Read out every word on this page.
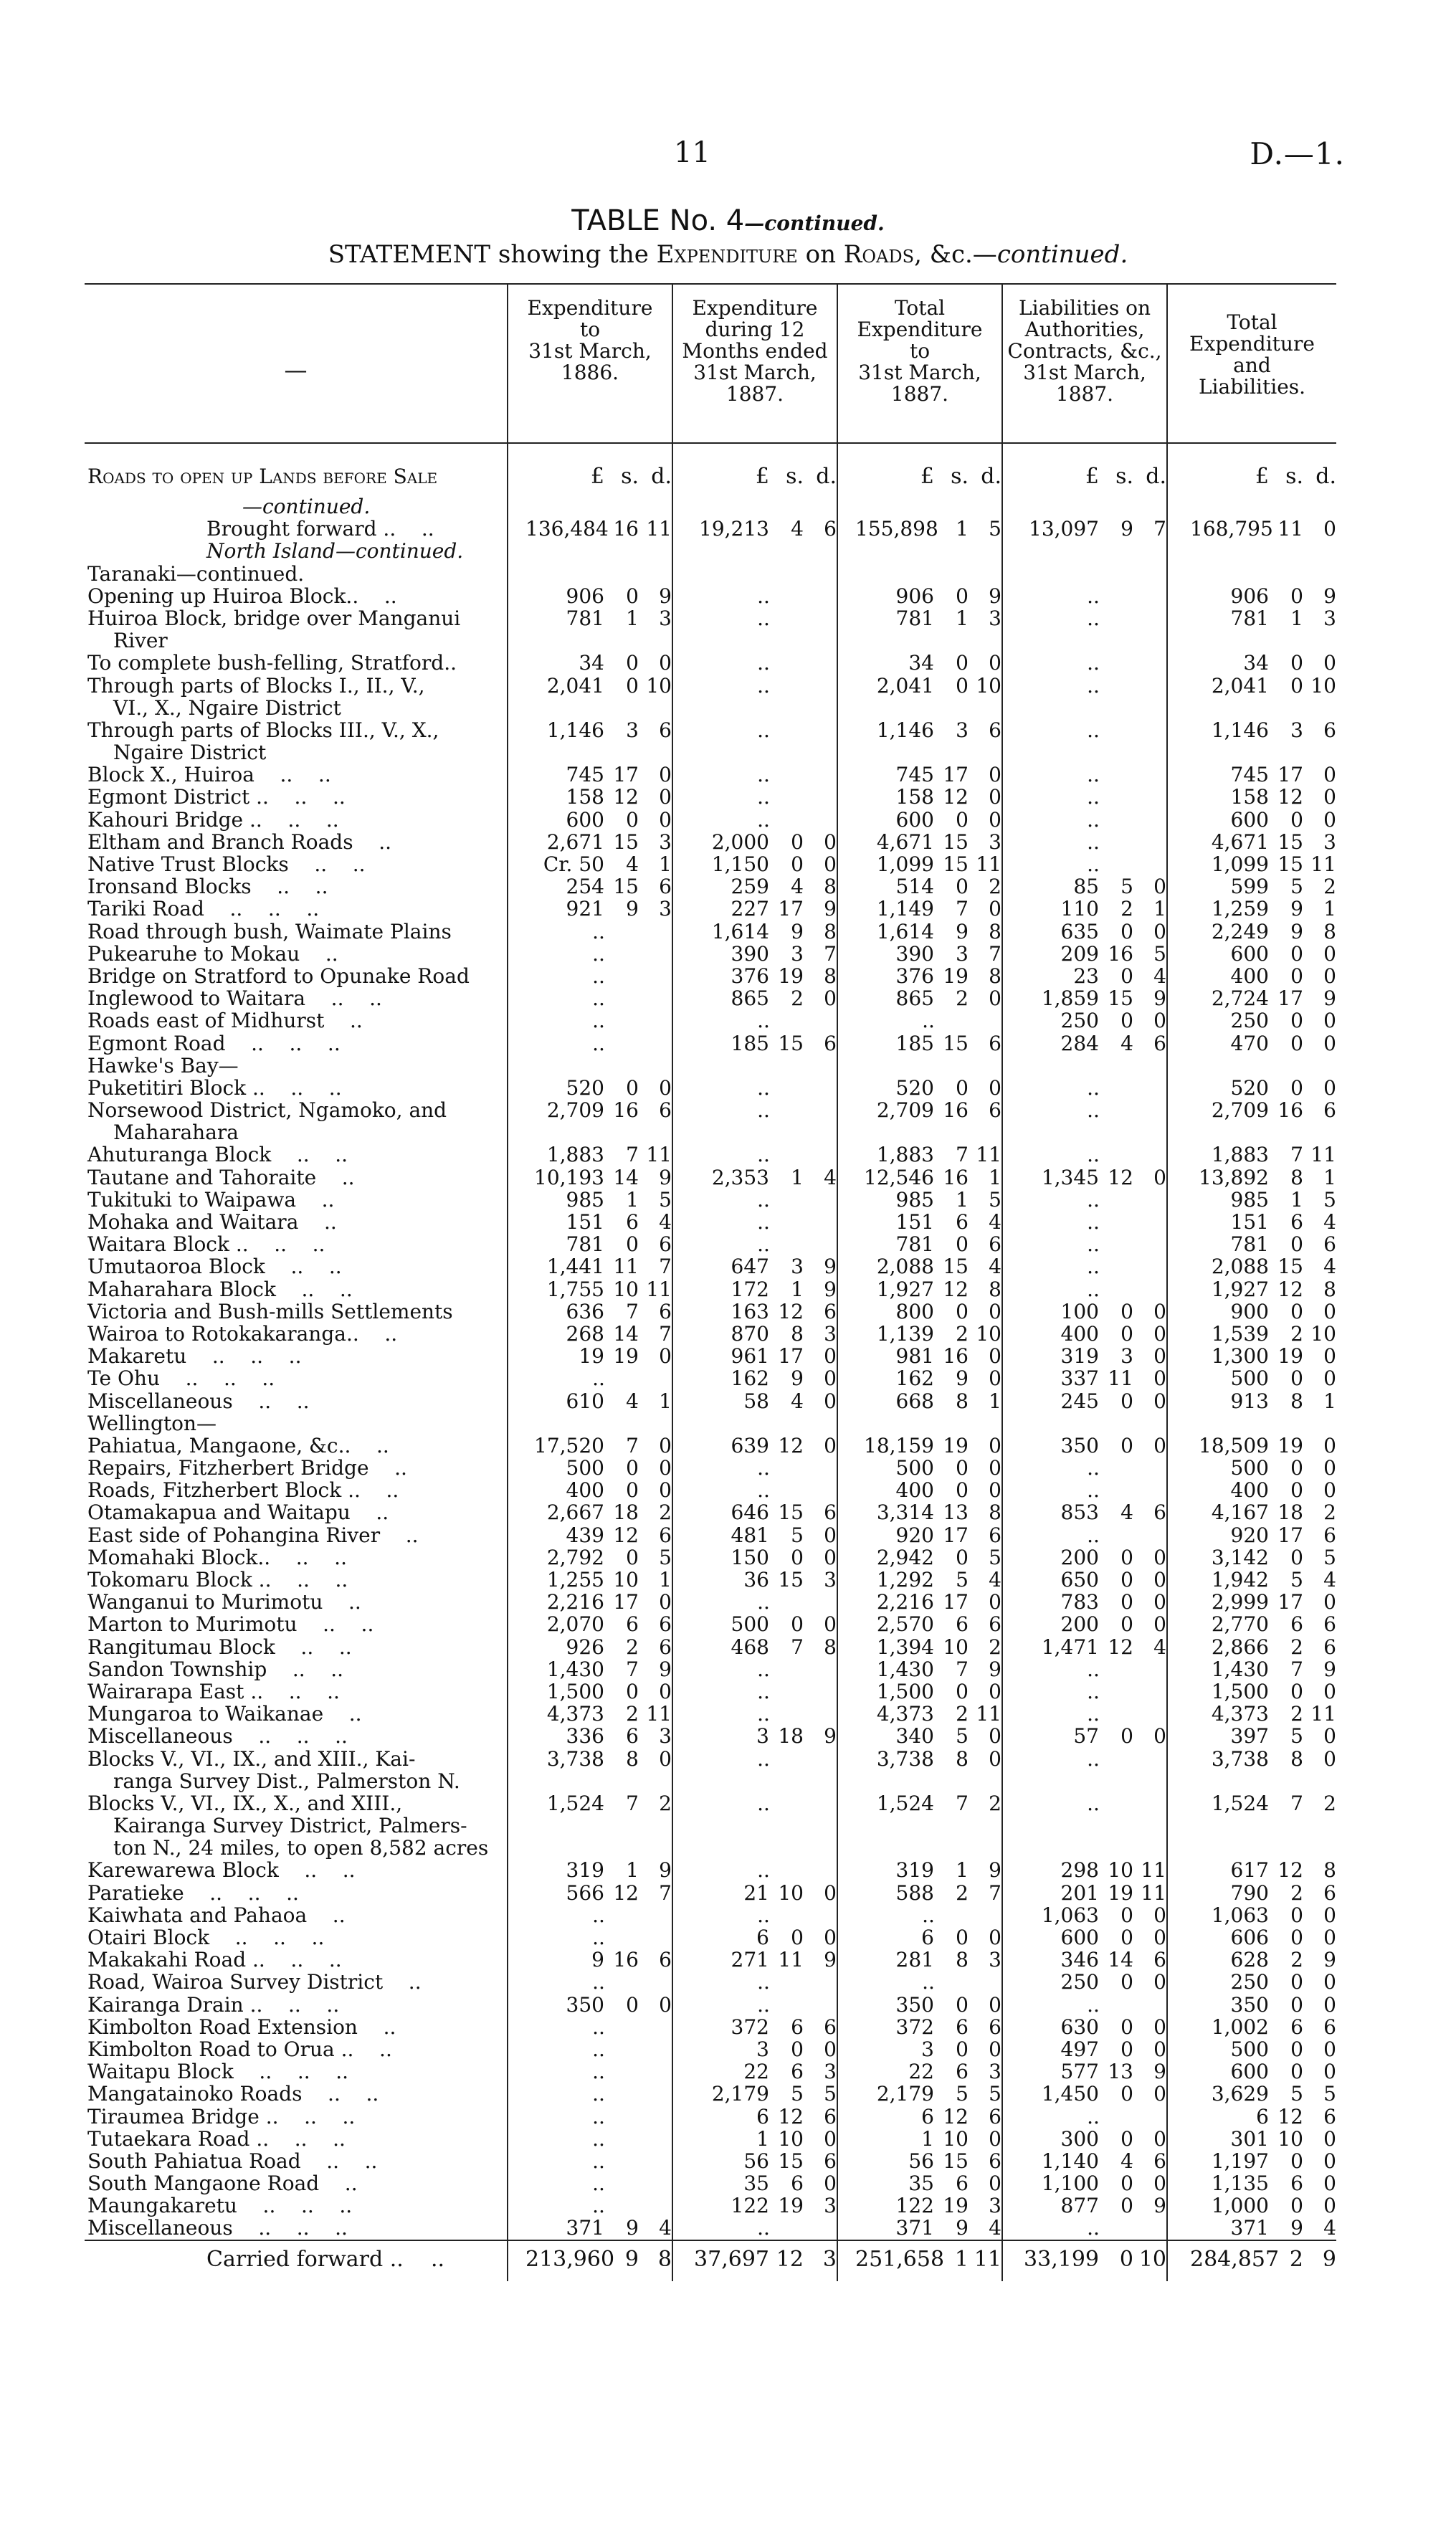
11	D.—1.
TABLE No. 4—continued.
STATEMENT showing the Expenditure on Roads, &c.—continued.
—	Expenditure
to
31st March,
1886.	Expenditure
during 12
Months ended
31st March,
1887.	Total
Expenditure
to
31st March,
1887.	Liabilities on
Authorities,
Contracts, &c.,
31st March,
1887.	Total
Expenditure
and
Liabilities.
Roads to open up Lands before Sale	£ s. d.	£ s. d.	£ s. d.	£ s. d.	£ s. d.

—continued.	

Brought forward ..    ..	136,484 16 11	19,213 4 6	155,898 1 5	13,097 9 7	168,795 11 0

North Island—continued.	

Taranaki—continued.	

Opening up Huiroa Block..    ..	906 0 9	..	906 0 9	..	906 0 9

Huiroa Block, bridge over Manganui	781 1 3	..	781 1 3	..	781 1 3

River	

To complete bush-felling, Stratford..	34 0 0	..	34 0 0	..	34 0 0

Through parts of Blocks I., II., V.,	2,041 0 10	..	2,041 0 10	..	2,041 0 10

VI., X., Ngaire District	

Through parts of Blocks III., V., X.,	1,146 3 6	..	1,146 3 6	..	1,146 3 6

Ngaire District	

Block X., Huiroa    ..    ..	745 17 0	..	745 17 0	..	745 17 0

Egmont District ..    ..    ..	158 12 0	..	158 12 0	..	158 12 0

Kahouri Bridge ..    ..    ..	600 0 0	..	600 0 0	..	600 0 0

Eltham and Branch Roads    ..	2,671 15 3	2,000 0 0	4,671 15 3	..	4,671 15 3

Native Trust Blocks    ..    ..	Cr. 50 4 1	1,150 0 0	1,099 15 11	..	1,099 15 11

Ironsand Blocks    ..    ..	254 15 6	259 4 8	514 0 2	85 5 0	599 5 2

Tariki Road    ..    ..    ..	921 9 3	227 17 9	1,149 7 0	110 2 1	1,259 9 1

Road through bush, Waimate Plains	..	1,614 9 8	1,614 9 8	635 0 0	2,249 9 8

Pukearuhe to Mokau    ..	..	390 3 7	390 3 7	209 16 5	600 0 0

Bridge on Stratford to Opunake Road	..	376 19 8	376 19 8	23 0 4	400 0 0

Inglewood to Waitara    ..    ..	..	865 2 0	865 2 0	1,859 15 9	2,724 17 9

Roads east of Midhurst    ..	..	..	..	250 0 0	250 0 0

Egmont Road    ..    ..    ..	..	185 15 6	185 15 6	284 4 6	470 0 0

Hawke's Bay—	

Puketitiri Block ..    ..    ..	520 0 0	..	520 0 0	..	520 0 0

Norsewood District, Ngamoko, and	2,709 16 6	..	2,709 16 6	..	2,709 16 6

Maharahara	

Ahuturanga Block    ..    ..	1,883 7 11	..	1,883 7 11	..	1,883 7 11

Tautane and Tahoraite    ..	10,193 14 9	2,353 1 4	12,546 16 1	1,345 12 0	13,892 8 1

Tukituki to Waipawa    ..	985 1 5	..	985 1 5	..	985 1 5

Mohaka and Waitara    ..	151 6 4	..	151 6 4	..	151 6 4

Waitara Block ..    ..    ..	781 0 6	..	781 0 6	..	781 0 6

Umutaoroa Block    ..    ..	1,441 11 7	647 3 9	2,088 15 4	..	2,088 15 4

Maharahara Block    ..    ..	1,755 10 11	172 1 9	1,927 12 8	..	1,927 12 8

Victoria and Bush-mills Settlements	636 7 6	163 12 6	800 0 0	100 0 0	900 0 0

Wairoa to Rotokakaranga..    ..	268 14 7	870 8 3	1,139 2 10	400 0 0	1,539 2 10

Makaretu    ..    ..    ..	19 19 0	961 17 0	981 16 0	319 3 0	1,300 19 0

Te Ohu    ..    ..    ..	..	162 9 0	162 9 0	337 11 0	500 0 0

Miscellaneous    ..    ..	610 4 1	58 4 0	668 8 1	245 0 0	913 8 1

Wellington—	

Pahiatua, Mangaone, &c..    ..	17,520 7 0	639 12 0	18,159 19 0	350 0 0	18,509 19 0

Repairs, Fitzherbert Bridge    ..	500 0 0	..	500 0 0	..	500 0 0

Roads, Fitzherbert Block ..    ..	400 0 0	..	400 0 0	..	400 0 0

Otamakapua and Waitapu    ..	2,667 18 2	646 15 6	3,314 13 8	853 4 6	4,167 18 2

East side of Pohangina River    ..	439 12 6	481 5 0	920 17 6	..	920 17 6

Momahaki Block..    ..    ..	2,792 0 5	150 0 0	2,942 0 5	200 0 0	3,142 0 5

Tokomaru Block ..    ..    ..	1,255 10 1	36 15 3	1,292 5 4	650 0 0	1,942 5 4

Wanganui to Murimotu    ..	2,216 17 0	..	2,216 17 0	783 0 0	2,999 17 0

Marton to Murimotu    ..    ..	2,070 6 6	500 0 0	2,570 6 6	200 0 0	2,770 6 6

Rangitumau Block    ..    ..	926 2 6	468 7 8	1,394 10 2	1,471 12 4	2,866 2 6

Sandon Township    ..    ..	1,430 7 9	..	1,430 7 9	..	1,430 7 9

Wairarapa East ..    ..    ..	1,500 0 0	..	1,500 0 0	..	1,500 0 0

Mungaroa to Waikanae    ..	4,373 2 11	..	4,373 2 11	..	4,373 2 11

Miscellaneous    ..    ..    ..	336 6 3	3 18 9	340 5 0	57 0 0	397 5 0

Blocks V., VI., IX., and XIII., Kai-	3,738 8 0	..	3,738 8 0	..	3,738 8 0

ranga Survey Dist., Palmerston N.	

Blocks V., VI., IX., X., and XIII.,	1,524 7 2	..	1,524 7 2	..	1,524 7 2

Kairanga Survey District, Palmers-	

ton N., 24 miles, to open 8,582 acres	

Karewarewa Block    ..    ..	319 1 9	..	319 1 9	298 10 11	617 12 8

Paratieke    ..    ..    ..	566 12 7	21 10 0	588 2 7	201 19 11	790 2 6

Kaiwhata and Pahaoa    ..	..	..	..	1,063 0 0	1,063 0 0

Otairi Block    ..    ..    ..	..	6 0 0	6 0 0	600 0 0	606 0 0

Makakahi Road ..    ..    ..	9 16 6	271 11 9	281 8 3	346 14 6	628 2 9

Road, Wairoa Survey District    ..	..	..	..	250 0 0	250 0 0

Kairanga Drain ..    ..    ..	350 0 0	..	350 0 0	..	350 0 0

Kimbolton Road Extension    ..	..	372 6 6	372 6 6	630 0 0	1,002 6 6

Kimbolton Road to Orua ..    ..	..	3 0 0	3 0 0	497 0 0	500 0 0

Waitapu Block    ..    ..    ..	..	22 6 3	22 6 3	577 13 9	600 0 0

Mangatainoko Roads    ..    ..	..	2,179 5 5	2,179 5 5	1,450 0 0	3,629 5 5

Tiraumea Bridge ..    ..    ..	..	6 12 6	6 12 6	..	6 12 6

Tutaekara Road ..    ..    ..	..	1 10 0	1 10 0	300 0 0	301 10 0

South Pahiatua Road    ..    ..	..	56 15 6	56 15 6	1,140 4 6	1,197 0 0

South Mangaone Road    ..	..	35 6 0	35 6 0	1,100 0 0	1,135 6 0

Maungakaretu    ..    ..    ..	..	122 19 3	122 19 3	877 0 9	1,000 0 0

Miscellaneous    ..    ..    ..	371 9 4	..	371 9 4	..	371 9 4

Carried forward ..    ..	213,960 9 8	37,697 12 3	251,658 1 11	33,199 0 10	284,857 2 9
